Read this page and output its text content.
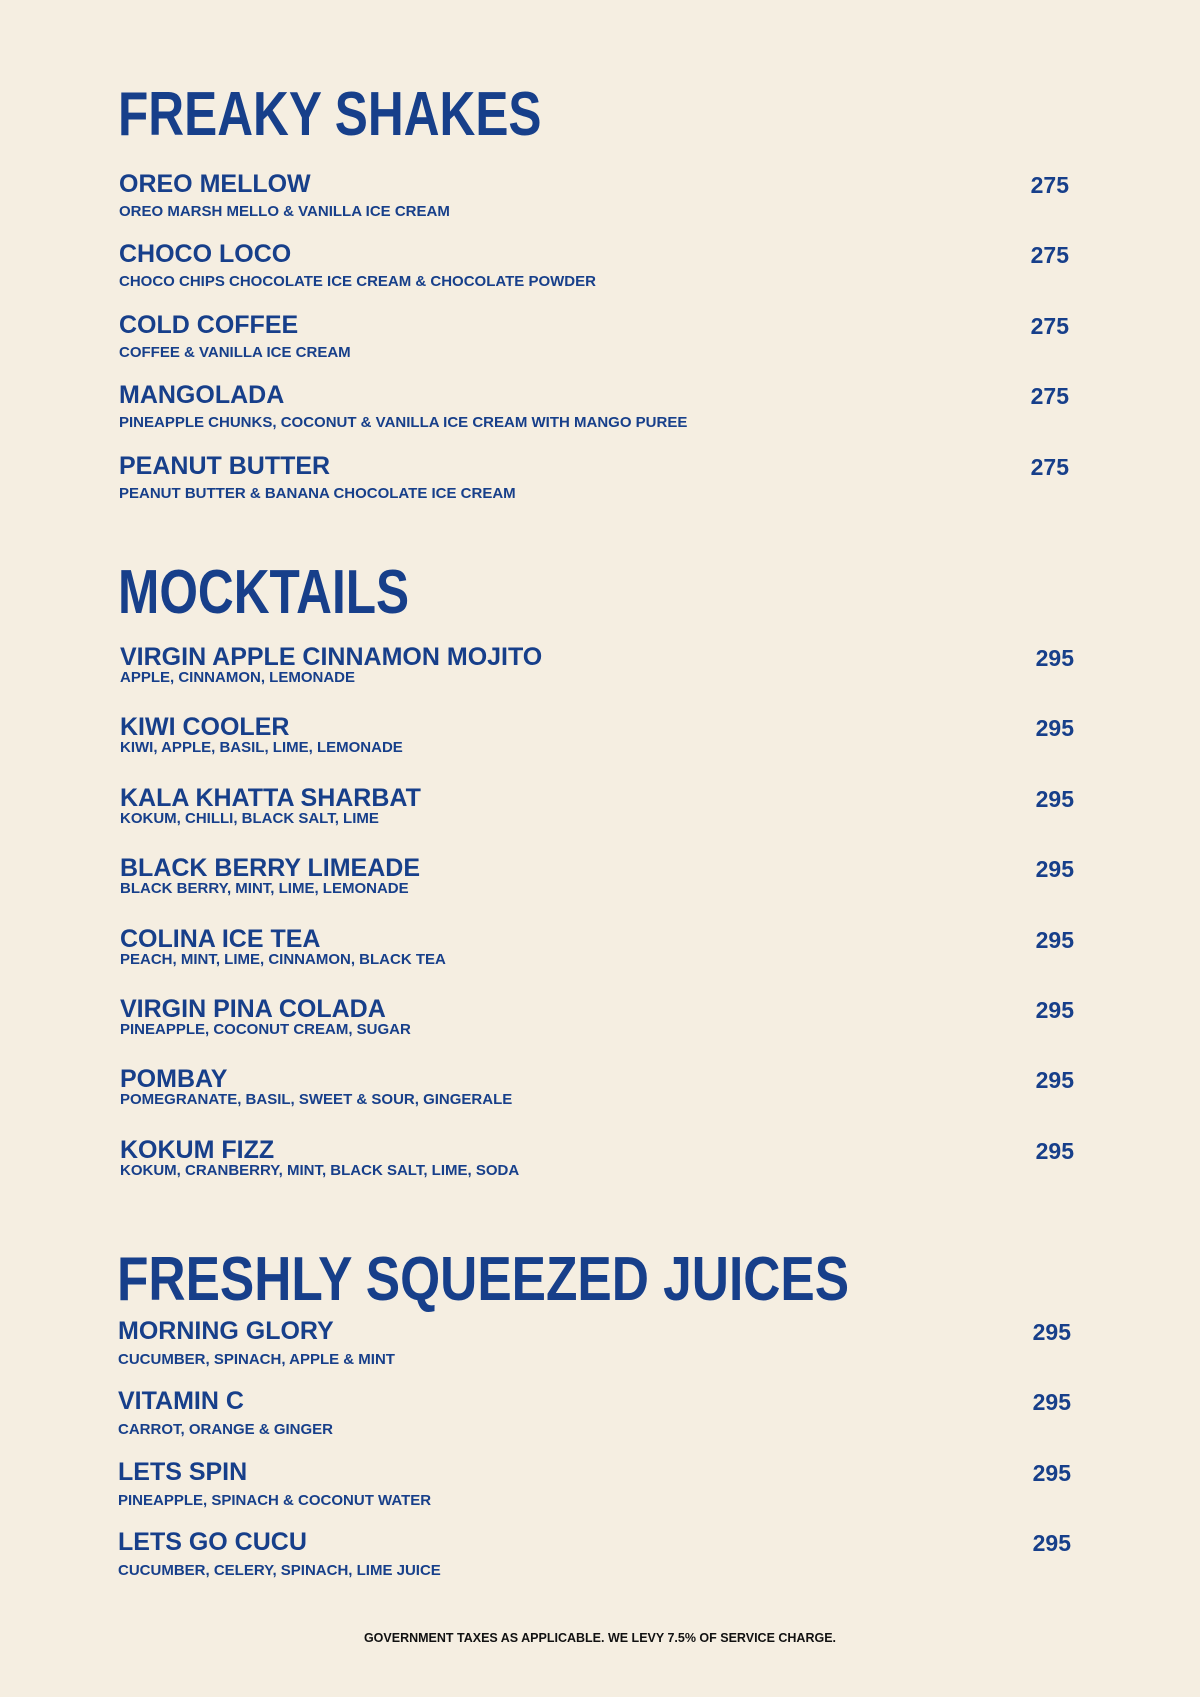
FREAKY SHAKES
OREO MELLOW
OREO MARSH MELLO & VANILLA ICE CREAM
275
CHOCO LOCO
CHOCO CHIPS CHOCOLATE ICE CREAM & CHOCOLATE POWDER
275
COLD COFFEE
COFFEE & VANILLA ICE CREAM
275
MANGOLADA
PINEAPPLE CHUNKS, COCONUT & VANILLA ICE CREAM WITH MANGO PUREE
275
PEANUT BUTTER
PEANUT BUTTER & BANANA CHOCOLATE ICE CREAM
275
MOCKTAILS
VIRGIN APPLE CINNAMON MOJITO
APPLE, CINNAMON, LEMONADE
295
KIWI COOLER
KIWI, APPLE, BASIL, LIME, LEMONADE
295
KALA KHATTA SHARBAT
KOKUM, CHILLI, BLACK SALT, LIME
295
BLACK BERRY LIMEADE
BLACK BERRY, MINT, LIME, LEMONADE
295
COLINA ICE TEA
PEACH, MINT, LIME, CINNAMON, BLACK TEA
295
VIRGIN PINA COLADA
PINEAPPLE, COCONUT CREAM, SUGAR
295
POMBAY
POMEGRANATE, BASIL, SWEET & SOUR, GINGERALE
295
KOKUM FIZZ
KOKUM, CRANBERRY, MINT, BLACK SALT, LIME, SODA
295
FRESHLY SQUEEZED JUICES
MORNING GLORY
CUCUMBER, SPINACH, APPLE & MINT
295
VITAMIN C
CARROT, ORANGE & GINGER
295
LETS SPIN
PINEAPPLE, SPINACH & COCONUT WATER
295
LETS GO CUCU
CUCUMBER, CELERY, SPINACH, LIME JUICE
295
GOVERNMENT TAXES AS APPLICABLE. WE LEVY 7.5% OF SERVICE CHARGE.
